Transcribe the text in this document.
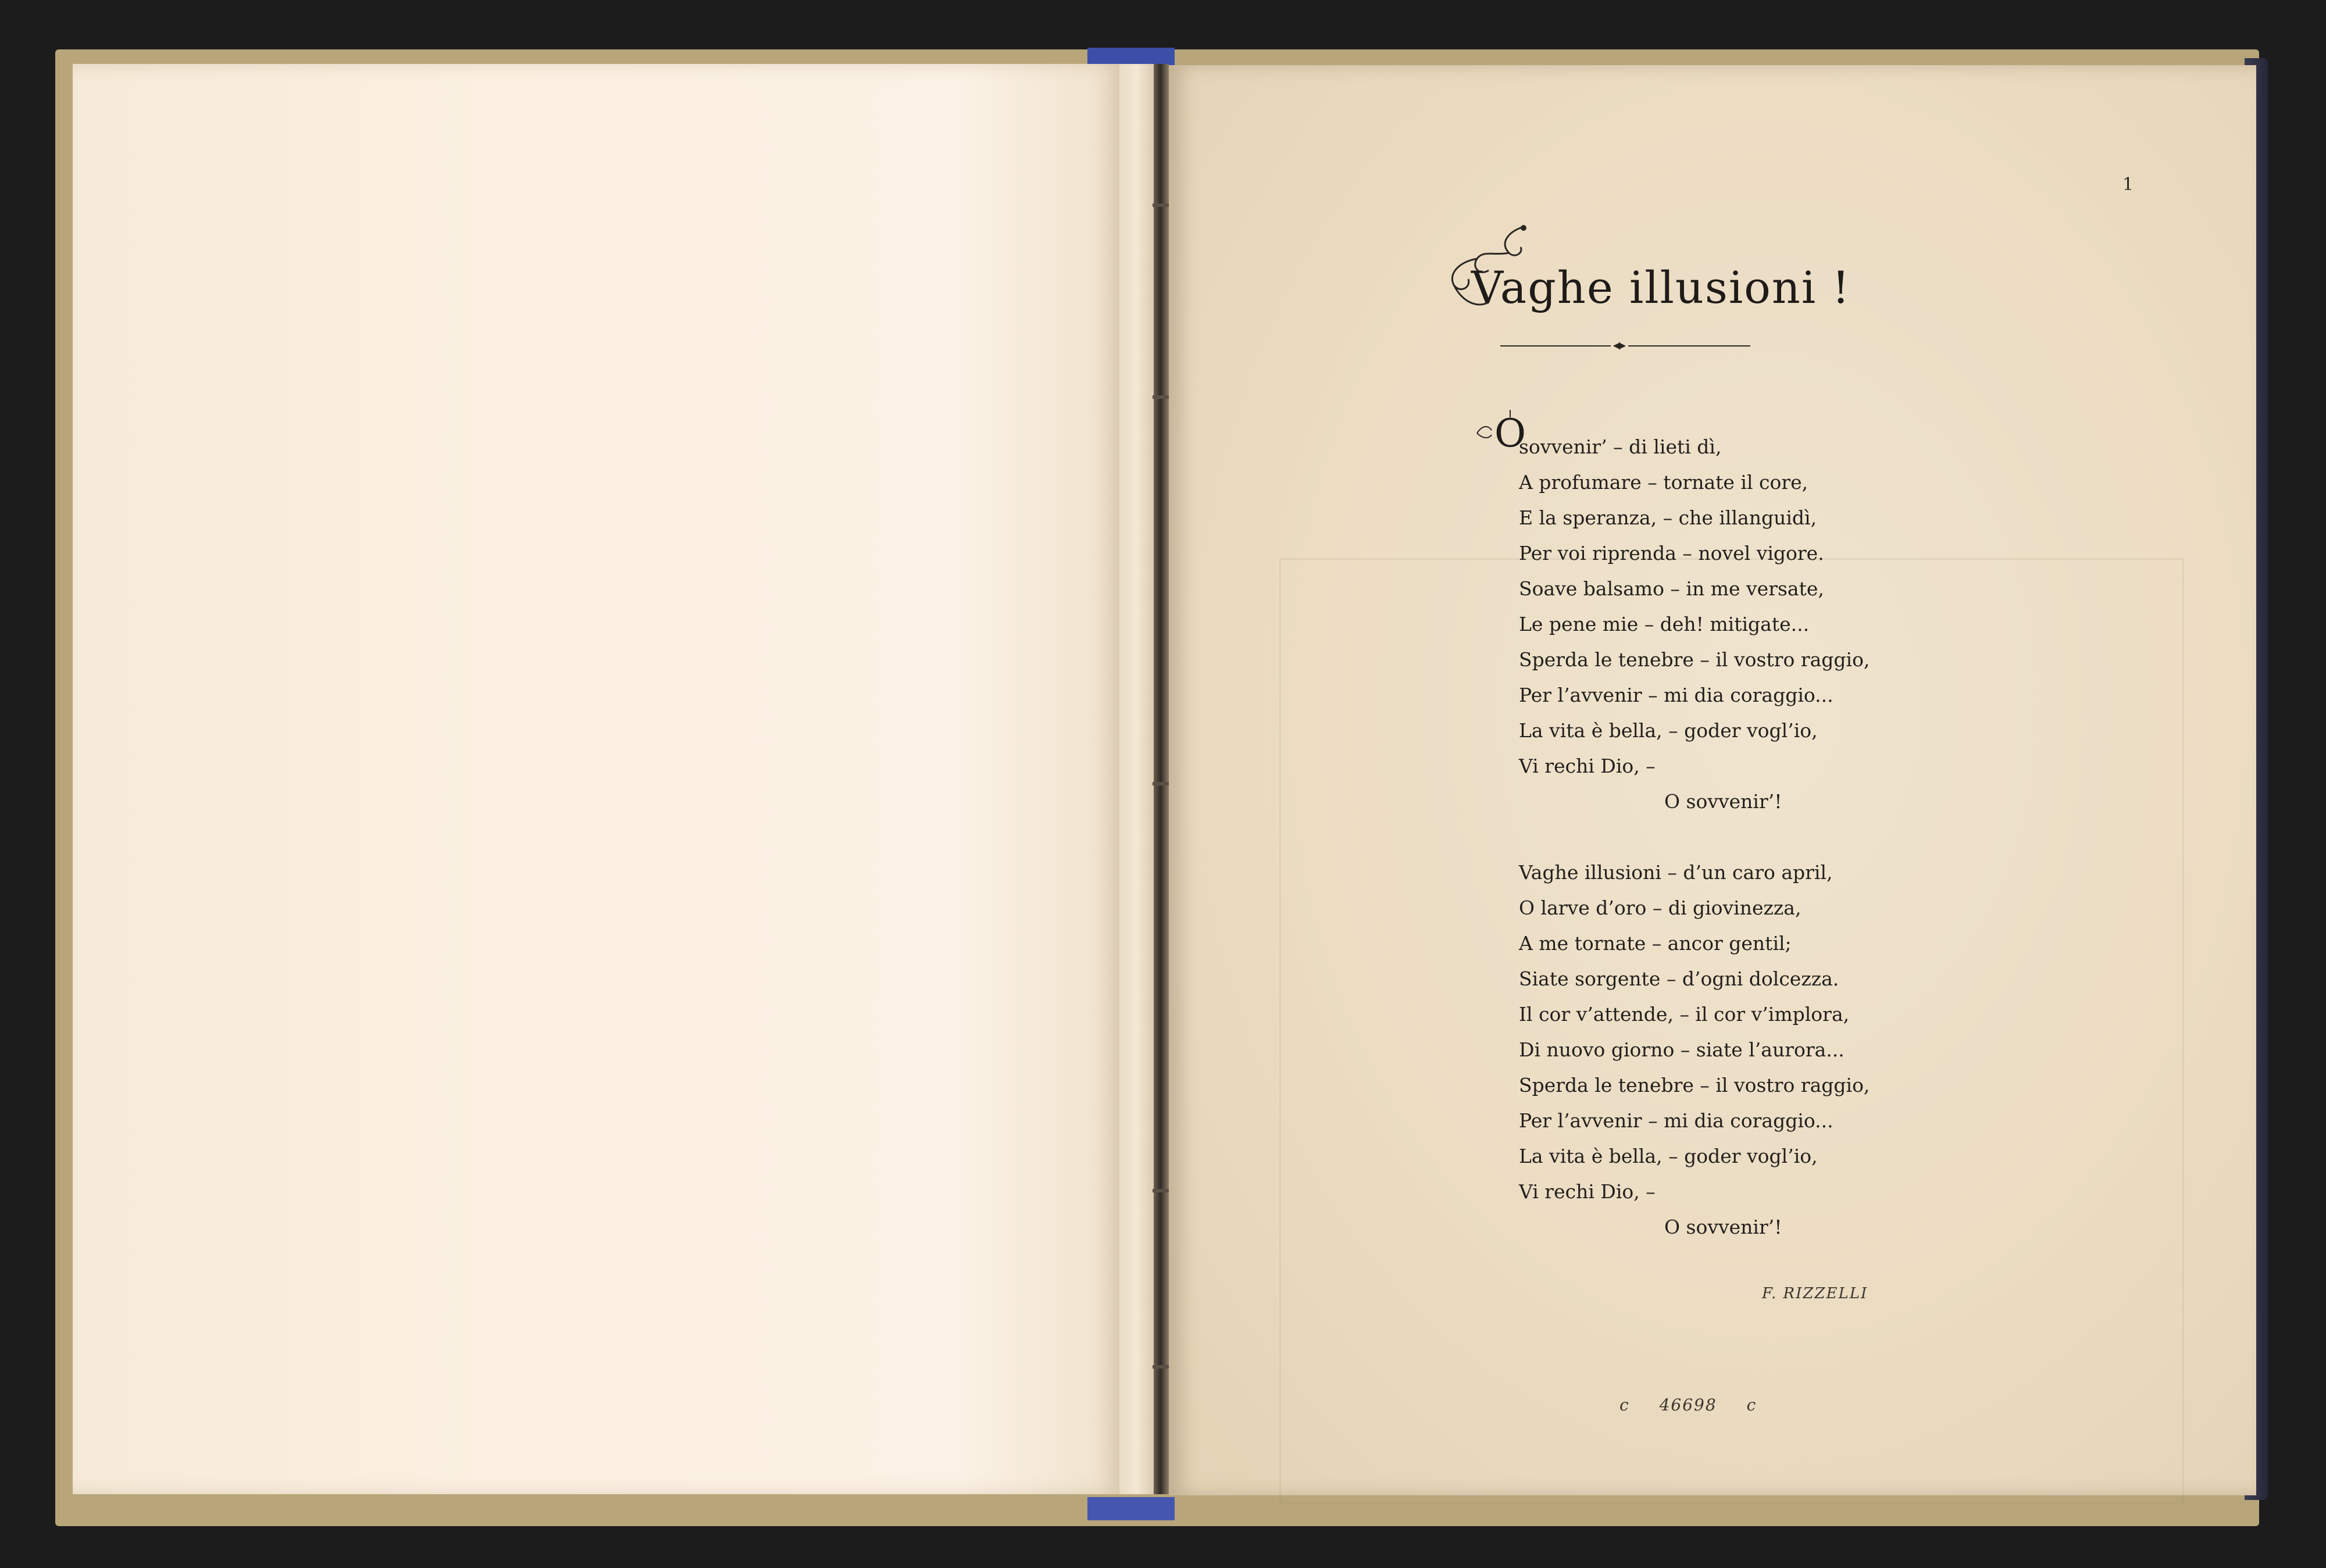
1
Vaghe illusioni !
O
sovvenir’ – di lieti dì,
A profumare – tornate il core,
E la speranza, – che illanguidì,
Per voi riprenda – novel vigore.
Soave balsamo – in me versate,
Le pene mie – deh! mitigate...
Sperda le tenebre – il vostro raggio,
Per l’avvenir – mi dia coraggio...
La vita è bella, – goder vogl’io,
Vi rechi Dio, –
O sovvenir’!
Vaghe illusioni – d’un caro april,
O larve d’oro – di giovinezza,
A me tornate – ancor gentil;
Siate sorgente – d’ogni dolcezza.
Il cor v’attende, – il cor v’implora,
Di nuovo giorno – siate l’aurora...
Sperda le tenebre – il vostro raggio,
Per l’avvenir – mi dia coraggio...
La vita è bella, – goder vogl’io,
Vi rechi Dio, –
O sovvenir’!
F. RIZZELLI
c 46698 c
